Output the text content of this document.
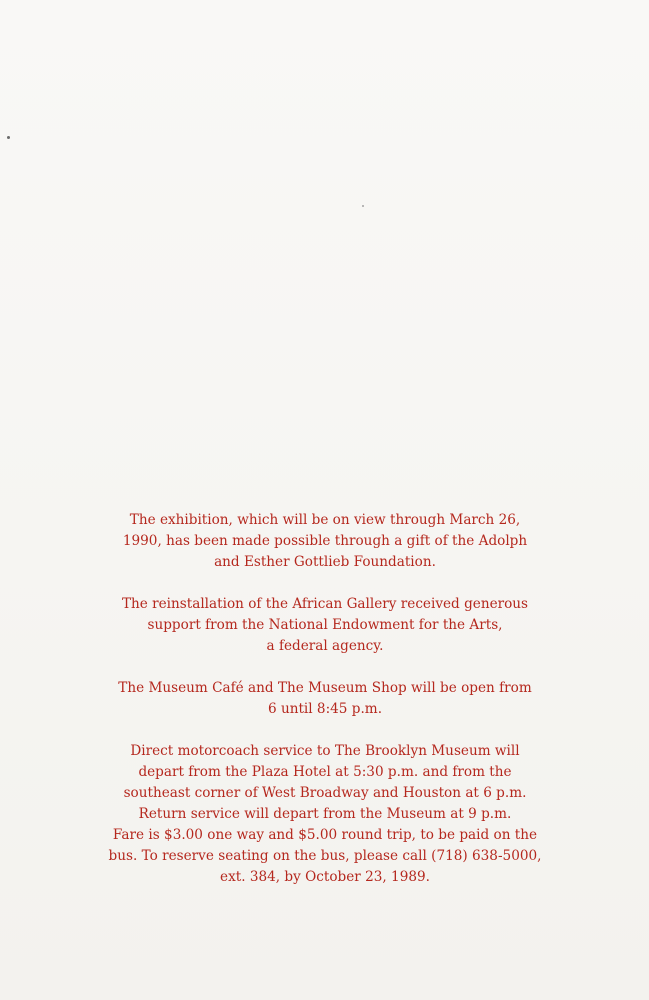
The exhibition, which will be on view through March 26,
1990, has been made possible through a gift of the Adolph
and Esther Gottlieb Foundation.

The reinstallation of the African Gallery received generous
support from the National Endowment for the Arts,
a federal agency.

The Museum Café and The Museum Shop will be open from
6 until 8:45 p.m.

Direct motorcoach service to The Brooklyn Museum will
depart from the Plaza Hotel at 5:30 p.m. and from the
southeast corner of West Broadway and Houston at 6 p.m.
Return service will depart from the Museum at 9 p.m.
Fare is $3.00 one way and $5.00 round trip, to be paid on the
bus. To reserve seating on the bus, please call (718) 638-5000,
ext. 384, by October 23, 1989.
